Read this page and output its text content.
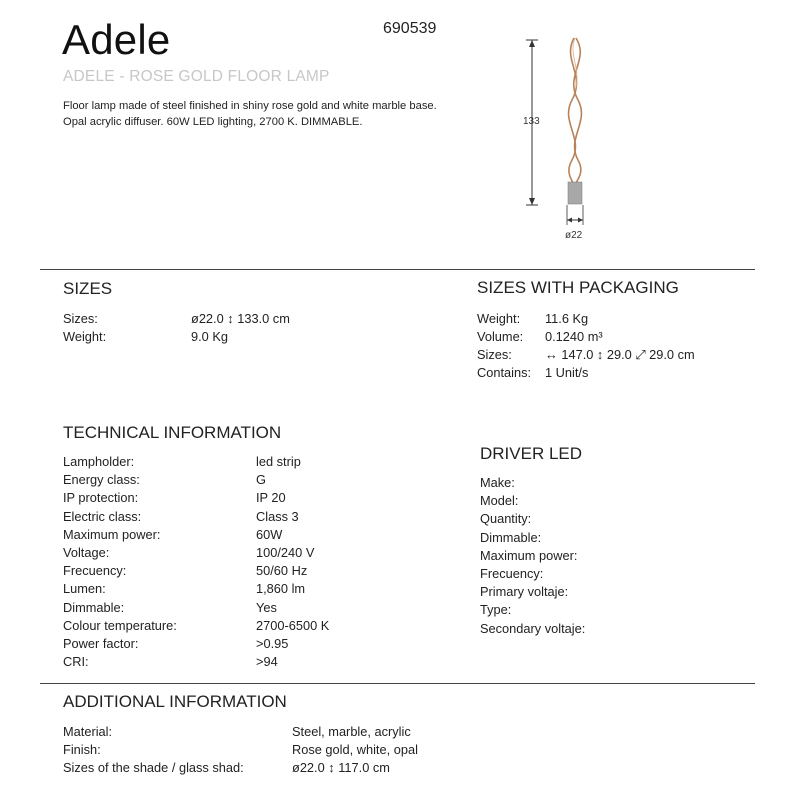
Adele	690539
ADELE - ROSE GOLD FLOOR LAMP
Floor lamp made of steel finished in shiny rose gold and white marble base. Opal acrylic diffuser. 60W LED lighting, 2700 K. DIMMABLE.	133
ø22
SIZES
Sizes:	ø22.0 ↕ 133.0 cm
Weight:	9.0 Kg
SIZES WITH PACKAGING
Weight: 11.6 Kg
Volume: 0.1240 m³
Sizes:	↔ 147.0 ↕ 29.0 ⤢ 29.0 cm
Contains: 1 Unit/s
TECHNICAL INFORMATION
Lampholder:	led strip
Energy class:	G
IP protection:	IP 20
Electric class:	Class 3
Maximum power:	60W
Voltage:	100/240 V
Frecuency:	50/60 Hz
Lumen:	1,860 lm
Dimmable:	Yes
Colour temperature:	2700-6500 K
Power factor:	>0.95
CRI:	>94
DRIVER LED
Make:
Model:
Quantity:
Dimmable:
Maximum power:
Frecuency:
Primary voltaje:
Type:
Secondary voltaje:
ADDITIONAL INFORMATION
Material:	Steel, marble, acrylic
Finish:	Rose gold, white, opal
Sizes of the shade / glass shad:	ø22.0 ↕ 117.0 cm
